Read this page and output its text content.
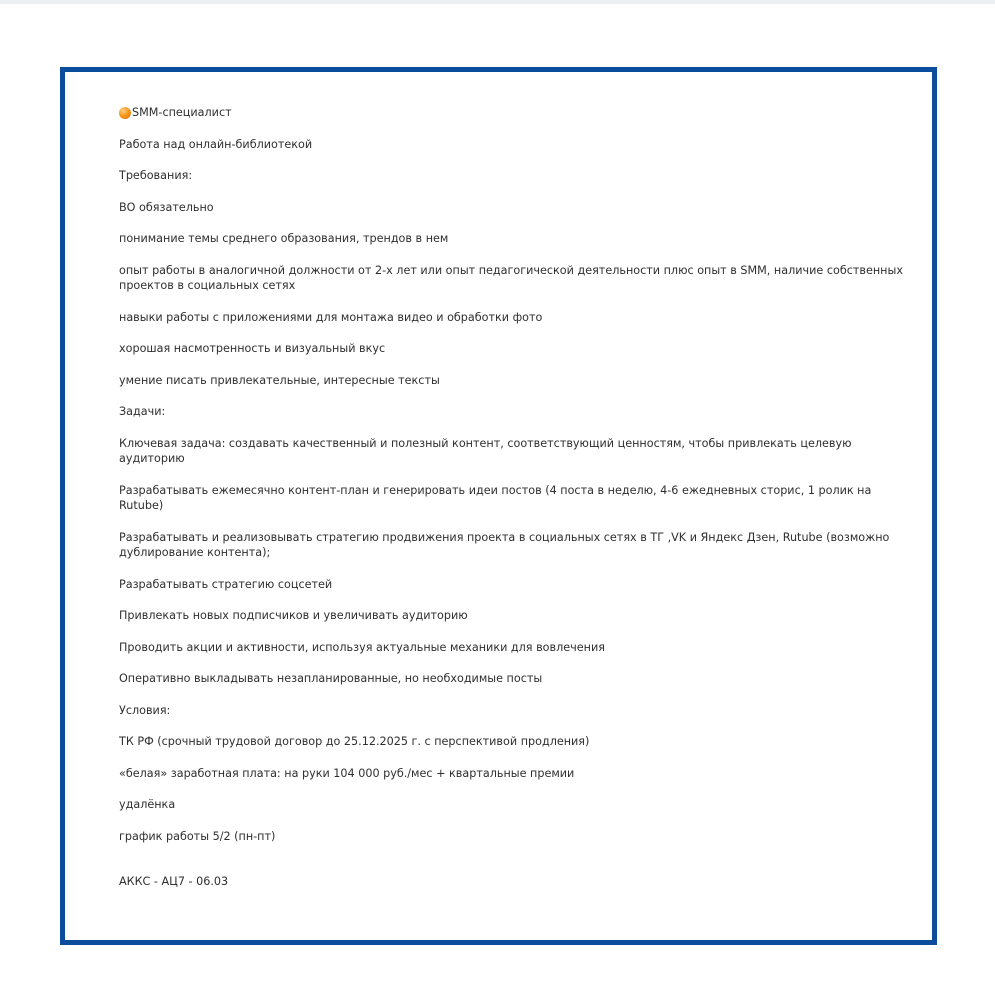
SMM-специалист

Работа над онлайн-библиотекой

Требования:

ВО обязательно

понимание темы среднего образования, трендов в нем

опыт работы в аналогичной должности от 2-х лет или опыт педагогической деятельности плюс опыт в SMM, наличие собственных проектов в социальных сетях

навыки работы с приложениями для монтажа видео и обработки фото

хорошая насмотренность и визуальный вкус

умение писать привлекательные, интересные тексты

Задачи:

Ключевая задача: создавать качественный и полезный контент, соответствующий ценностям, чтобы привлекать целевую аудиторию

Разрабатывать ежемесячно контент-план и генерировать идеи постов (4 поста в неделю, 4-6 ежедневных сторис, 1 ролик на Rutube)

Разрабатывать и реализовывать стратегию продвижения проекта в социальных сетях в ТГ ,VK и Яндекс Дзен, Rutube (возможно дублирование контента);

Разрабатывать стратегию соцсетей

Привлекать новых подписчиков и увеличивать аудиторию

Проводить акции и активности, используя актуальные механики для вовлечения

Оперативно выкладывать незапланированные, но необходимые посты

Условия:

ТК РФ (срочный трудовой договор до 25.12.2025 г. с перспективой продления)

«белая» заработная плата: на руки 104 000 руб./мес + квартальные премии

удалёнка

график работы 5/2 (пн-пт)

АККС - АЦ7 - 06.03
